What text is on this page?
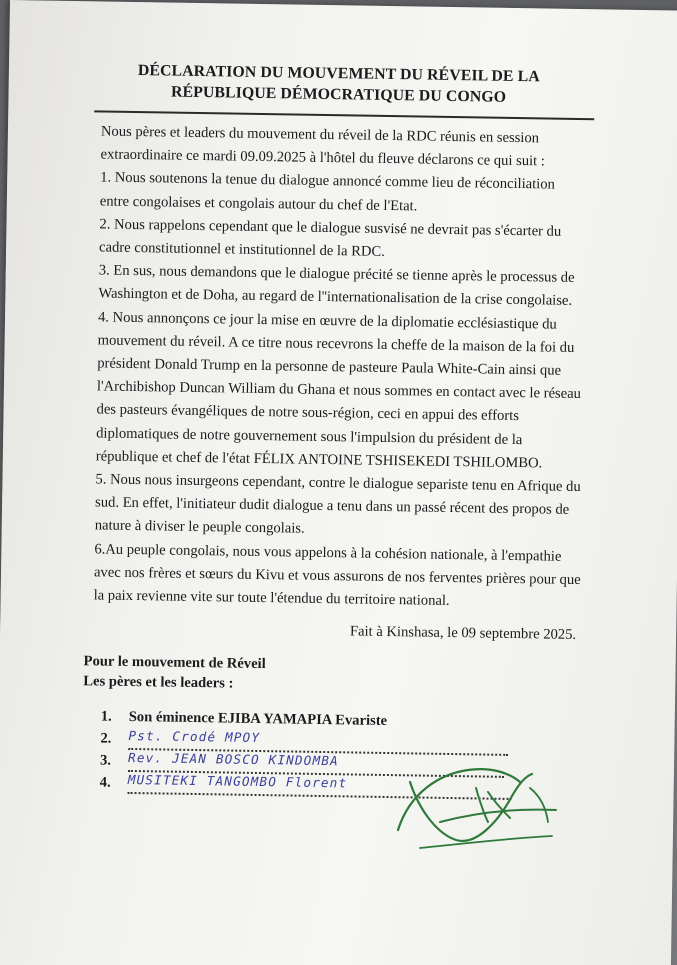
DÉCLARATION DU MOUVEMENT DU RÉVEIL DE LA
RÉPUBLIQUE DÉMOCRATIQUE DU CONGO

Nous pères et leaders du mouvement du réveil de la RDC réunis en session extraordinaire ce mardi 09.09.2025 à l'hôtel du fleuve déclarons ce qui suit :

1. Nous soutenons la tenue du dialogue annoncé comme lieu de réconciliation entre congolaises et congolais autour du chef de l'Etat.

2. Nous rappelons cependant que le dialogue susvisé ne devrait pas s'écarter du cadre constitutionnel et institutionnel de la RDC.

3. En sus, nous demandons que le dialogue précité se tienne après le processus de Washington et de Doha, au regard de l''internationalisation de la crise congolaise.

4. Nous annonçons ce jour la mise en œuvre de la diplomatie ecclésiastique du mouvement du réveil. A ce titre nous recevrons la cheffe de la maison de la foi du président Donald Trump en la personne de pasteure Paula White-Cain ainsi que l'Archibishop Duncan William du Ghana et nous sommes en contact avec le réseau des pasteurs évangéliques de notre sous-région, ceci en appui des efforts diplomatiques de notre gouvernement sous l'impulsion du président de la république et chef de l'état FÉLIX ANTOINE TSHISEKEDI TSHILOMBO.

5. Nous nous insurgeons cependant, contre le dialogue separiste tenu en Afrique du sud. En effet, l'initiateur dudit dialogue a tenu dans un passé récent des propos de nature à diviser le peuple congolais.

6.Au peuple congolais, nous vous appelons à la cohésion nationale, à l'empathie avec nos frères et sœurs du Kivu et vous assurons de nos ferventes prières pour que la paix revienne vite sur toute l'étendue du territoire national.

Fait à Kinshasa, le 09 septembre 2025.
Pour le mouvement de Réveil
Les pères et les leaders :
1. Son éminence EJIBA YAMAPIA Evariste
2. Pst. Crodé MPOY
3. Rev. JEAN BOSCO KINDOMBA
4. MUSITEKI TANGOMBO Florent
